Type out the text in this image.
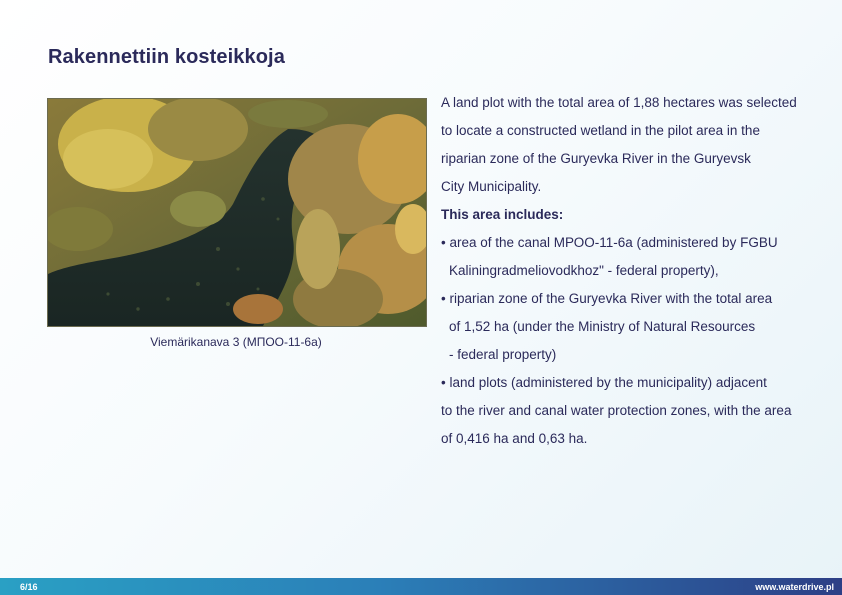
Rakennettiin kosteikkoja
Viemärikanava 3 (МПОО-11-6а)
A land plot with the total area of 1,88 hectares was selected
to locate a constructed wetland in the pilot area in the
riparian zone of the Guryevka River in the Guryevsk
City Municipality.
This area includes:
• area of the canal МРОО-11-6а (administered by FGBU
Kaliningradmeliovodkhoz" - federal property),
• riparian zone of the Guryevka River with the total area
of 1,52 ha (under the Ministry of Natural Resources
- federal property)
• land plots (administered by the municipality) adjacent
to the river and canal water protection zones, with the area
of 0,416 ha and 0,63 ha.
6/16	www.waterdrive.pl
